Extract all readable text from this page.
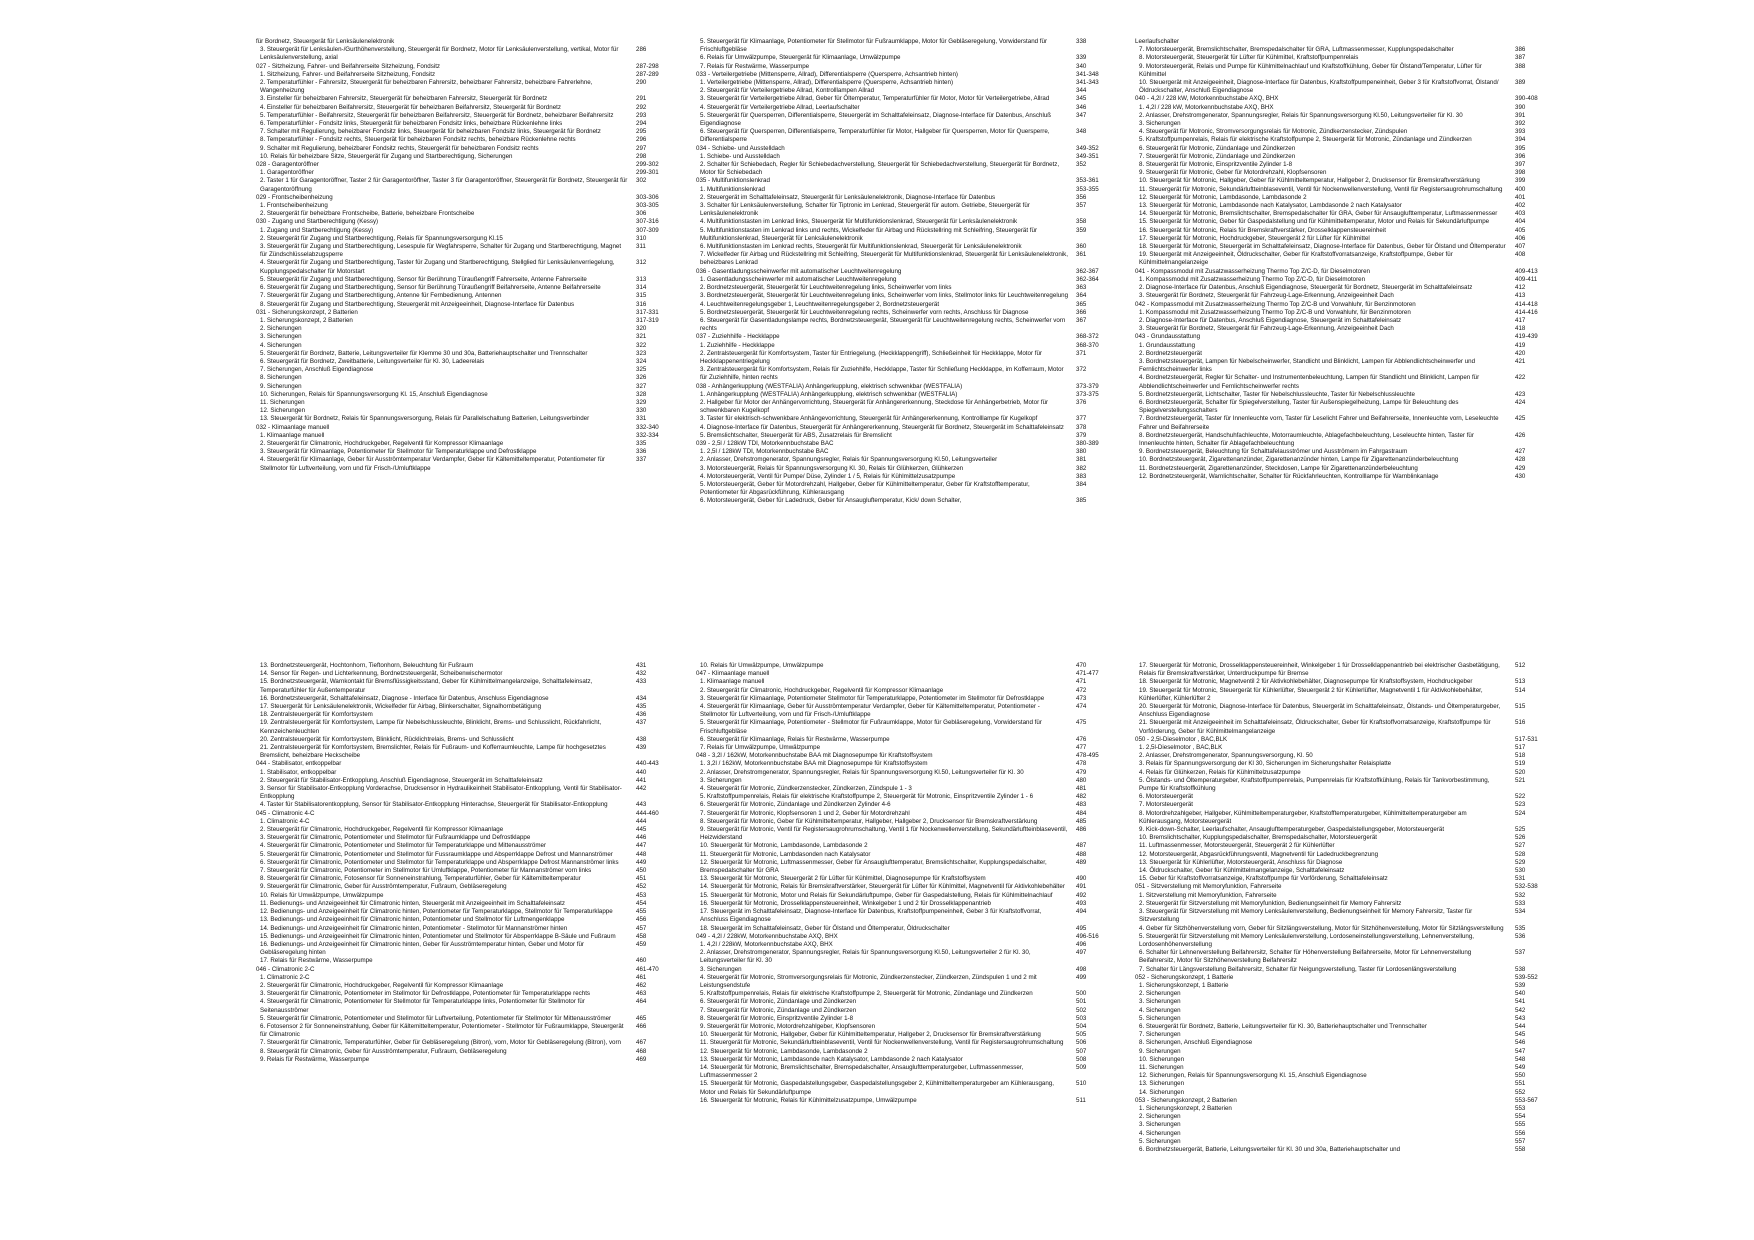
für Bordnetz, Steuergerät für Lenksäulenelektronik
3. Steuergerät für Lenksäulen-/Gurthöhenverstellung, Steuergerät für Bordnetz, Motor für Lenksäulenverstellung, vertikal, Motor für Lenksäulenverstellung, axial
286
027 - Sitzheizung, Fahrer- und Beifahrerseite Sitzheizung, Fondsitz	287-298
1. Sitzheizung, Fahrer- und Beifahrerseite Sitzheizung, Fondsitz	287-289
2. Temperaturfühler - Fahrersitz, Steuergerät für beheizbaren Fahrersitz, beheizbarer Fahrersitz, beheizbare Fahrerlehne, Wangenheizung
290
3. Einsteller für beheizbaren Fahrersitz, Steuergerät für beheizbaren Fahrersitz, Steuergerät für Bordnetz	291
4. Einsteller für beheizbaren Beifahrersitz, Steuergerät für beheizbaren Beifahrersitz, Steuergerät für Bordnetz	292
5. Temperaturfühler - Beifahrersitz, Steuergerät für beheizbaren Beifahrersitz, Steuergerät für Bordnetz, beheizbarer Beifahrersitz	293
6. Temperaturfühler - Fondsitz links, Steuergerät für beheizbaren Fondsitz links, beheizbare Rückenlehne links	294
7. Schalter mit Regulierung, beheizbarer Fondsitz links, Steuergerät für beheizbaren Fondsitz links, Steuergerät für Bordnetz	295
8. Temperaturfühler - Fondsitz rechts, Steuergerät für beheizbaren Fondsitz rechts, beheizbare Rückenlehne rechts	296
9. Schalter mit Regulierung, beheizbarer Fondsitz rechts, Steuergerät für beheizbaren Fondsitz rechts	297
10. Relais für beheizbare Sitze, Steuergerät für Zugang und Startberechtigung, Sicherungen	298
028 - Garagentoröffner	299-302
1. Garagentoröffner	299-301
2. Taster 1 für Garagentoröffner, Taster 2 für Garagentoröffner, Taster 3 für Garagentoröffner, Steuergerät für Bordnetz, Steuergerät für Garagentoröffnung
302
029 - Frontscheibenheizung	303-306
1. Frontscheibenheizung	303-305
2. Steuergerät für beheizbare Frontscheibe, Batterie, beheizbare Frontscheibe	306
030 - Zugang und Startberechtigung (Kessy)	307-316
1. Zugang und Startberechtigung (Kessy)	307-309
2. Steuergerät für Zugang und Startberechtigung, Relais für Spannungsversorgung Kl.15	310
3. Steuergerät für Zugang und Startberechtigung, Lesespule für Wegfahrsperre, Schalter für Zugang und Startberechtigung, Magnet für Zündschlüsselabzugsperre
311
4. Steuergerät für Zugang und Startberechtigung, Taster für Zugang und Startberechtigung, Stellglied für Lenksäulenverriegelung, Kupplungspedalschalter für Motorstart
312
5. Steuergerät für Zugang und Startberechtigung, Sensor für Berührung Türaußengriff Fahrerseite, Antenne Fahrerseite	313
6. Steuergerät für Zugang und Startberechtigung, Sensor für Berührung Türaußengriff Beifahrerseite, Antenne Beifahrerseite	314
7. Steuergerät für Zugang und Startberechtigung, Antenne für Fernbedienung, Antennen	315
8. Steuergerät für Zugang und Startberechtigung, Steuergerät mit Anzeigeeinheit, Diagnose-Interface für Datenbus	316
031 - Sicherungskonzept, 2 Batterien	317-331
1. Sicherungskonzept, 2 Batterien	317-319
2. Sicherungen	320
3. Sicherungen	321
4. Sicherungen	322
5. Steuergerät für Bordnetz, Batterie, Leitungsverteiler für Klemme 30 und 30a, Batteriehauptschalter und Trennschalter	323
6. Steuergerät für Bordnetz, Zweitbatterie, Leitungsverteiler für Kl. 30, Ladeerelais	324
7. Sicherungen, Anschluß Eigendiagnose	325
8. Sicherungen	326
9. Sicherungen	327
10. Sicherungen, Relais für Spannungsversorgung Kl. 15, Anschluß Eigendiagnose	328
11. Sicherungen	329
12. Sicherungen	330
13. Steuergerät für Bordnetz, Relais für Spannungsversorgung, Relais für Parallelschaltung Batterien, Leitungsverbinder	331
032 - Klimaanlage manuell	332-340
1. Klimaanlage manuell	332-334
2. Steuergerät für Climatronic, Hochdruckgeber, Regelventil für Kompressor Klimaanlage	335
3. Steuergerät für Klimaanlage, Potentiometer für Stellmotor für Temperaturklappe und Defrostklappe	336
4. Steuergerät für Klimaanlage, Geber für Ausströmtemperatur Verdampfer, Geber für Kältemitteltemperatur, Potentiometer für Stellmotor für Luftverteilung, vorn und für Frisch-/Umluftklappe
337
5. Steuergerät für Klimaanlage, Potentiometer für Stellmotor für Fußraumklappe, Motor für Gebläseregelung, Vorwiderstand für Frischluftgebläse
338
6. Relais für Umwälzpumpe, Steuergerät für Klimaanlage, Umwälzpumpe	339
7. Relais für Restwärme, Wasserpumpe	340
033 - Verteilergetriebe (Mittensperre, Allrad), Differentialsperre (Quersperre, Achsantrieb hinten)	341-348
1. Verteilergetriebe (Mittensperre, Allrad), Differentialsperre (Quersperre, Achsantrieb hinten)	341-343
2. Steuergerät für Verteilergetriebe Allrad, Kontrolllampen Allrad	344
3. Steuergerät für Verteilergetriebe Allrad, Geber für Öltemperatur, Temperaturfühler für Motor, Motor für Verteilergetriebe, Allrad	345
4. Steuergerät für Verteilergetriebe Allrad, Leerlaufschalter	346
5. Steuergerät für Quersperren, Differentialsperre, Steuergerät im Schalttafeleinsatz, Diagnose-Interface für Datenbus, Anschluß Eigendiagnose
347
6. Steuergerät für Quersperren, Differentialsperre, Temperaturfühler für Motor, Hallgeber für Quersperren, Motor für Quersperre, Differentialsperre
348
034 - Schiebe- und Ausstelldach	349-352
1. Schiebe- und Ausstelldach	349-351
2. Schalter für Schiebedach, Regler für Schiebedachverstellung, Steuergerät für Schiebedachverstellung, Steuergerät für Bordnetz, Motor für Schiebedach
352
035 - Multifunktionslenkrad	353-361
1. Multifunktionslenkrad	353-355
2. Steuergerät im Schalttafeleinsatz, Steuergerät für Lenksäulenelektronik, Diagnose-Interface für Datenbus	356
3. Schalter für Lenksäulenverstellung, Schalter für Tiptronic im Lenkrad, Steuergerät für autom. Getriebe, Steuergerät für Lenksäulenelektronik
357
4. Multifunktionstasten im Lenkrad links, Steuergerät für Multifunktionslenkrad, Steuergerät für Lenksäulenelektronik	358
5. Multifunktionstasten im Lenkrad links und rechts, Wickelfeder für Airbag und Rückstellring mit Schleifring, Steuergerät für Multifunktionslenkrad, Steuergerät für Lenksäulenelektronik
359
6. Multifunktionstasten im Lenkrad rechts, Steuergerät für Multifunktionslenkrad, Steuergerät für Lenksäulenelektronik	360
7. Wickelfeder für Airbag und Rückstellring mit Schleifring, Steuergerät für Multifunktionslenkrad, Steuergerät für Lenksäulenelektronik, beheizbares Lenkrad
361
036 - Gasentladungsscheinwerfer mit automatischer Leuchtweitenregelung	362-367
1. Gasentladungsscheinwerfer mit automatischer Leuchtweitenregelung	362-364
2. Bordnetzsteuergerät, Steuergerät für Leuchtweitenregelung links, Scheinwerfer vorn links	363
3. Bordnetzsteuergerät, Steuergerät für Leuchtweitenregelung links, Scheinwerfer vorn links, Stellmotor links für Leuchtweitenregelung 364
4. Leuchtweitenregelungsgeber 1, Leuchtweitenregelungsgeber 2, Bordnetzsteuergerät	365
5. Bordnetzsteuergerät, Steuergerät für Leuchtweitenregelung rechts, Scheinwerfer vorn rechts, Anschluss für Diagnose	366
6. Steuergerät für Gasentladungslampe rechts, Bordnetzsteuergerät, Steuergerät für Leuchtweitenregelung rechts, Scheinwerfer vorn rechts
367
037 - Zuziehhilfe - Heckklappe	368-372
1. Zuziehhilfe - Heckklappe	368-370
2. Zentralsteuergerät für Komfortsystem, Taster für Entriegelung, (Heckklappengriff), Schließeinheit für Heckklappe, Motor für Heckklappenentriegelung
371
3. Zentralsteuergerät für Komfortsystem, Relais für Zuziehhilfe, Heckklappe, Taster für Schließung Heckklappe, im Kofferraum, Motor für Zuziehhilfe, hinten rechts
372
038 - Anhängerkupplung (WESTFALIA) Anhängerkupplung, elektrisch schwenkbar (WESTFALIA)	373-379
1. Anhängerkupplung (WESTFALIA) Anhängerkupplung, elektrisch schwenkbar (WESTFALIA)	373-375
2. Hallgeber für Motor der Anhängervorrichtung, Steuergerät für Anhängererkennung, Steckdose für Anhängerbetrieb, Motor für schwenkbaren Kugelkopf
376
3. Taster für elektrisch-schwenkbare Anhängevorrichtung, Steuergerät für Anhängererkennung, Kontrolllampe für Kugelkopf	377
4. Diagnose-Interface für Datenbus, Steuergerät für Anhängererkennung, Steuergerät für Bordnetz, Steuergerät im Schalttafeleinsatz	378
5. Bremslichtschalter, Steuergerät für ABS, Zusatzrelais für Bremslicht	379
039 - 2,5l / 128kW TDI, Motorkennbuchstabe BAC	380-389
1. 2,5l / 128kW TDI, Motorkennbuchstabe BAC	380
2. Anlasser, Drehstromgenerator, Spannungsregler, Relais für Spannungsversorgung Kl.50, Leitungsverteiler	381
3. Motorsteuergerät, Relais für Spannungsversorgung Kl. 30, Relais für Glühkerzen, Glühkerzen	382
4. Motorsteuergerät, Ventil für Pumpe/ Düse, Zylinder 1 / 5, Relais für Kühlmittelzusatzpumpe	383
5. Motorsteuergerät, Geber für Motordrehzahl, Hallgeber, Geber für Kühlmitteltemperatur, Geber für Kraftstofftemperatur, Potentiometer für Abgasrückführung, Kühlerausgang
384
6. Motorsteuergerät, Geber für Ladedruck, Geber für Ansaugluftemperatur, Kick/ down Schalter,	385
Leerlaufschalter
7. Motorsteuergerät, Bremslichtschalter, Bremspedalschalter für GRA, Luftmassenmesser, Kupplungspedalschalter	386
8. Motorsteuergerät, Steuergerät für Lüfter für Kühlmittel, Kraftstoffpumpenrelais	387
9. Motorsteuergerät, Relais und Pumpe für Kühlmittelnachlauf und Kraftstoffkühlung, Geber für Ölstand/Temperatur, Lüfter für Kühlmittel
388
10. Steuergerät mit Anzeigeeinheit, Diagnose-Interface für Datenbus, Kraftstoffpumpeneinheit, Geber 3 für Kraftstoffvorrat, Ölstand/Öldruckschalter, Anschluß Eigendiagnose
389
040 - 4,2l / 228 kW, Motorkennbuchstabe AXQ, BHX	390-408
1. 4,2l / 228 kW, Motorkennbuchstabe AXQ, BHX	390
2. Anlasser, Drehstromgenerator, Spannungsregler, Relais für Spannungsversorgung Kl.50, Leitungsverteiler für Kl. 30	391
3. Sicherungen	392
4. Steuergerät für Motronic, Stromversorgungsrelais für Motronic, Zündkerzenstecker, Zündspulen	393
5. Kraftstoffpumpenrelais, Relais für elektrische Kraftstoffpumpe 2, Steuergerät für Motronic, Zündanlage und Zündkerzen	394
6. Steuergerät für Motronic, Zündanlage und Zündkerzen	395
7. Steuergerät für Motronic, Zündanlage und Zündkerzen	396
8. Steuergerät für Motronic, Einspritzventile Zylinder 1-8	397
9. Steuergerät für Motronic, Geber für Motordrehzahl, Klopfsensoren	398
10. Steuergerät für Motronic, Hallgeber, Geber für Kühlmitteltemperatur, Hallgeber 2, Drucksensor für Bremskraftverstärkung	399
11. Steuergerät für Motronic, Sekundärluftteinblaseventil, Ventil für Nockenwellenverstellung, Ventil für Registersaugrohrumschaltung	400
12. Steuergerät für Motronic, Lambdasonde, Lambdasonde 2	401
13. Steuergerät für Motronic, Lambdasonde nach Katalysator, Lambdasonde 2 nach Katalysator	402
14. Steuergerät für Motronic, Bremslichtschalter, Bremspedalschalter für GRA, Geber für Ansauglufttemperatur, Luftmassenmesser	403
15. Steuergerät für Motronic, Geber für Gaspedalstellung und für Kühlmitteltemperatur, Motor und Relais für Sekundärluftpumpe	404
16. Steuergerät für Motronic, Relais für Bremskraftverstärker, Drosselklappensteuereinheit	405
17. Steuergerät für Motronic, Hochdruckgeber, Steuergerät 2 für Lüfter für Kühlmittel	406
18. Steuergerät für Motronic, Steuergerät im Schalttafeleinsatz, Diagnose-Interface für Datenbus, Geber für Ölstand und Öltemperatur 407
19. Steuergerät mit Anzeigeeinheit, Öldruckschalter, Geber für Kraftstoffvorratsanzeige, Kraftstoffpumpe, Geber für Kühlmittelmangelanzeige
408
041 - Kompassmodul mit Zusatzwasserheizung Thermo Top Z/C-D, für Dieselmotoren	409-413
1. Kompassmodul mit Zusatzwasserheizung Thermo Top Z/C-D, für Dieselmotoren	409-411
2. Diagnose-Interface für Datenbus, Anschluß Eigendiagnose, Steuergerät für Bordnetz, Steuergerät im Schalttafeleinsatz	412
3. Steuergerät für Bordnetz, Steuergerät für Fahrzeug-Lage-Erkennung, Anzeigeeinheit Dach	413
042 - Kompassmodul mit Zusatzwasserheizung Thermo Top Z/C-B und Vorwahluhr, für Benzinmotoren	414-418
1. Kompassmodul mit Zusatzwasserheizung Thermo Top Z/C-B und Vorwahluhr, für Benzinmotoren	414-416
2. Diagnose-Interface für Datenbus, Anschluß Eigendiagnose, Steuergerät im Schalttafeleinsatz	417
3. Steuergerät für Bordnetz, Steuergerät für Fahrzeug-Lage-Erkennung, Anzeigeeinheit Dach	418
043 - Grundausstattung	419-439
1. Grundausstattung	419
2. Bordnetzsteuergerät	420
3. Bordnetzsteuergerät, Lampen für Nebelscheinwerfer, Standlicht und Blinklicht, Lampen für Abblendlichtscheinwerfer und Fernlichtscheinwerfer links
421
4. Bordnetzsteuergerät, Regler für Schalter- und Instrumentenbeleuchtung, Lampen für Standlicht und Blinklicht, Lampen für Abblendlichtscheinwerfer und Fernlichtscheinwerfer rechts
422
5. Bordnetzsteuergerät, Lichtschalter, Taster für Nebelschlussleuchte, Taster für Nebelschlussleuchte	423
6. Bordnetzsteuergerät, Schalter für Spiegelverstellung, Taster für Außenspiegelheizung, Lampe für Beleuchtung des Spiegelverstellungsschalters
424
7. Bordnetzsteuergerät, Taster für Innenleuchte vorn, Taster für Leselicht Fahrer und Beifahrerseite, Innenleuchte vorn, Leseleuchte Fahrer und Beifahrerseite
425
8. Bordnetzsteuergerät, Handschuhfachleuchte, Motorraumleuchte, Ablagefachbeleuchtung, Leseleuchte hinten, Taster für Innenleuchte hinten, Schalter für Ablagefachbeleuchtung
426
9. Bordnetzsteuergerät, Beleuchtung für Schalttafelausströmer und Ausströmern im Fahrgastraum	427
10. Bordnetzsteuergerät, Zigarettenanzünder, Zigarettenanzünder hinten, Lampe für Zigarettenanzünderbeleuchtung	428
11. Bordnetzsteuergerät, Zigarettenanzünder, Steckdosen, Lampe für Zigarettenanzünderbeleuchtung	429
12. Bordnetzsteuergerät, Warnlichtschalter, Schalter für Rückfahrleuchten, Kontrolllampe für Warnblinkanlage	430
13. Bordnetzsteuergerät, Hochtonhorn, Tieftonhorn, Beleuchtung für Fußraum	431
14. Sensor für Regen- und Lichterkennung, Bordnetzsteuergerät, Scheibenwischermotor	432
15. Bordnetzsteuergerät, Warnkontakt für Bremsflüssigkeitsstand, Geber für Kühlmittelmangelanzeige, Schalttafeleinsatz, Temperaturfühler für Außentemperatur
433
16. Bordnetzsteuergerät, Schalttafeleinsatz, Diagnose - Interface für Datenbus, Anschluss Eigendiagnose	434
17. Steuergerät für Lenksäulenelektronik, Wickelfeder für Airbag, Blinkerschalter, Signalhornbetätigung	435
18. Zentralsteuergerät für Komfortsystem	436
19. Zentralsteuergerät für Komfortsystem, Lampe für Nebelschlussleuchte, Blinklicht, Brems- und Schlusslicht, Rückfahrlicht, Kennzeichenleuchten
437
20. Zentralsteuergerät für Komfortsystem, Blinklicht, Rücklichtrelais, Brems- und Schlusslicht	438
21. Zentralsteuergerät für Komfortsystem, Bremslichter, Relais für Fußraum- und Kofferraumleuchte, Lampe für hochgesetztes Bremslicht, beheizbare Heckscheibe
439
044 - Stabilisator, entkoppelbar	440-443
1. Stabilisator, entkoppelbar	440
2. Steuergerät für Stabilisator-Entkopplung, Anschluß Eigendiagnose, Steuergerät im Schalttafeleinsatz	441
3. Sensor für Stabilisator-Entkopplung Vorderachse, Drucksensor in Hydraulikeinheit Stabilisator-Entkopplung, Ventil für Stabilisator-Entkopplung
442
4. Taster für Stabilisatorentkopplung, Sensor für Stabilisator-Entkopplung Hinterachse, Steuergerät für Stabilisator-Entkopplung	443
045 - Climatronic 4-C	444-460
1. Climatronic 4-C	444
2. Steuergerät für Climatronic, Hochdruckgeber, Regelventil für Kompressor Klimaanlage	445
3. Steuergerät für Climatronic, Potentiometer und Stellmotor für Fußraumklappe und Defrostklappe	446
4. Steuergerät für Climatronic, Potentiometer und Stellmotor für Temperaturklappe und Mittenausströmer	447
5. Steuergerät für Climatronic, Potentiometer und Stellmotor für Fussraumklappe und Absperrklappe Defrost und Mannanströmer	448
6. Steuergerät für Climatronic, Potentiometer und Stellmotor für Temperaturklappe und Absperrklappe Defrost Mannanströmer links	449
7. Steuergerät für Climatronic, Potentiometer im Stellmotor für Umluftklappe, Potentiometer für Mannanströmer vorn links	450
8. Steuergerät für Climatronic, Fotosensor für Sonneneinstrahlung, Temperaturfühler, Geber für Kältemitteltemperatur	451
9. Steuergerät für Climatronic, Geber für Ausströmtemperatur, Fußraum, Gebläseregelung	452
10. Relais für Umwälzpumpe, Umwälzpumpe	453
11. Bedienungs- und Anzeigeeinheit für Climatronic hinten, Steuergerät mit Anzeigeeinheit im Schalttafeleinsatz	454
12. Bedienungs- und Anzeigeeinheit für Climatronic hinten, Potentiometer für Temperaturklappe, Stellmotor für Temperaturklappe	455
13. Bedienungs- und Anzeigeeinheit für Climatronic hinten, Potentiometer und Stellmotor für Luftmengenklappe	456
14. Bedienungs- und Anzeigeeinheit für Climatronic hinten, Potentiometer - Stellmotor für Mannanströmer hinten	457
15. Bedienungs- und Anzeigeeinheit für Climatronic hinten, Potentiometer und Stellmotor für Absperrklappe B-Säule und Fußraum	458
16. Bedienungs- und Anzeigeeinheit für Climatronic hinten, Geber für Ausströmtemperatur hinten, Geber und Motor für Gebläseregelung hinten
459
17. Relais für Restwärme, Wasserpumpe	460
046 - Climatronic 2-C	461-470
1. Climatronic 2-C	461
2. Steuergerät für Climatronic, Hochdruckgeber, Regelventil für Kompressor Klimaanlage	462
3. Steuergerät für Climatronic, Potentiometer im Stellmotor für Defrostklappe, Potentiometer für Temperaturklappe rechts	463
4. Steuergerät für Climatronic, Potentiometer für Stellmotor für Temperaturklappe links, Potentiometer für Stellmotor für Seitenausströmer
464
5. Steuergerät für Climatronic, Potentiometer und Stellmotor für Luftverteilung, Potentiometer für Stellmotor für Mittenausströmer	465
6. Fotosensor 2 für Sonneneinstrahlung, Geber für Kältemitteltemperatur, Potentiometer - Stellmotor für Fußraumklappe, Steuergerät für Climatronic
466
7. Steuergerät für Climatronic, Temperaturfühler, Geber für Gebläseregelung (Bitron), vorn, Motor für Gebläseregelung (Bitron), vorn	467
8. Steuergerät für Climatronic, Geber für Ausströmtemperatur, Fußraum, Gebläseregelung	468
9. Relais für Restwärme, Wasserpumpe	469
10. Relais für Umwälzpumpe, Umwälzpumpe	470
047 - Klimaanlage manuell	471-477
1. Klimaanlage manuell	471
2. Steuergerät für Climatronic, Hochdruckgeber, Regelventil für Kompressor Klimaanlage	472
3. Steuergerät für Klimaanlage, Potentiometer Stellmotor für Temperaturklappe, Potentiometer im Stellmotor für Defrostklappe	473
4. Steuergerät für Klimaanlage, Geber für Ausströmtemperatur Verdampfer, Geber für Kältemitteltemperatur, Potentiometer - Stellmotor für Luftverteilung, vorn und für Frisch-/Umluftklappe
474
5. Steuergerät für Klimaanlage, Potentiometer - Stellmotor für Fußraumklappe, Motor für Gebläseregelung, Vorwiderstand für Frischluftgebläse
475
6. Steuergerät für Klimaanlage, Relais für Restwärme, Wasserpumpe	476
7. Relais für Umwälzpumpe, Umwälzpumpe	477
048 - 3,2l / 162kW, Motorkennbuchstabe BAA mit Diagnosepumpe für Kraftstoffsystem	478-495
1. 3,2l / 162kW, Motorkennbuchstabe BAA mit Diagnosepumpe für Kraftstoffsystem	478
2. Anlasser, Drehstromgenerator, Spannungsregler, Relais für Spannungsversorgung Kl.50, Leitungsverteiler für Kl. 30	479
3. Sicherungen	480
4. Steuergerät für Motronic, Zündkerzenstecker, Zündkerzen, Zündspule 1 - 3	481
5. Kraftstoffpumpenrelais, Relais für elektrische Kraftstoffpumpe 2, Steuergerät für Motronic, Einspritzventile Zylinder 1 - 6	482
6. Steuergerät für Motronic, Zündanlage und Zündkerzen Zylinder 4-6	483
7. Steuergerät für Motronic, Klopfsensoren 1 und 2, Geber für Motordrehzahl	484
8. Steuergerät für Motronic, Geber für Kühlmitteltemperatur, Hallgeber, Hallgeber 2, Drucksensor für Bremskraftverstärkung	485
9. Steuergerät für Motronic, Ventil für Registersaugrohrumschaltung, Ventil 1 für Nockenwellenverstellung, Sekundärluftteinblaseventil, Heizwiderstand
486
10. Steuergerät für Motronic, Lambdasonde, Lambdasonde 2	487
11. Steuergerät für Motronic, Lambdasonden nach Katalysator	488
12. Steuergerät für Motronic, Luftmassenmesser, Geber für Ansauglufttemperatur, Bremslichtschalter, Kupplungspedalschalter, Bremspedalschalter für GRA
489
13. Steuergerät für Motronic, Steuergerät 2 für Lüfter für Kühlmittel, Diagnosepumpe für Kraftstoffsystem	490
14. Steuergerät für Motronic, Relais für Bremskraftverstärker, Steuergerät für Lüfter für Kühlmittel, Magnetventil für Aktivkohlebehälter	491
15. Steuergerät für Motronic, Motor und Relais für Sekundärluftpumpe, Geber für Gaspedalstellung, Relais für Kühlmittelnachlauf	492
16. Steuergerät für Motronic, Drosselklappensteuereinheit, Winkelgeber 1 und 2 für Drosselklappenantrieb	493
17. Steuergerät im Schalttafeleinsatz, Diagnose-Interface für Datenbus, Kraftstoffpumpeneinheit, Geber 3 für Kraftstoffvorrat, Anschluss Eigendiagnose
494
18. Steuergerät im Schalttafeleinsatz, Geber für Ölstand und Öltemperatur, Öldruckschalter	495
049 - 4,2l / 228kW, Motorkennbuchstabe AXQ, BHX	496-516
1. 4,2l / 228kW, Motorkennbuchstabe AXQ, BHX	496
2. Anlasser, Drehstromgenerator, Spannungsregler, Relais für Spannungsversorgung Kl.50, Leitungsverteiler 2 für Kl. 30, Leitungsverteiler für Kl. 30
497
3. Sicherungen	498
4. Steuergerät für Motronic, Stromversorgungsrelais für Motronic, Zündkerzenstecker, Zündkerzen, Zündspulen 1 und 2 mit Leistungsendstufe
499
5. Kraftstoffpumpenrelais, Relais für elektrische Kraftstoffpumpe 2, Steuergerät für Motronic, Zündanlage und Zündkerzen	500
6. Steuergerät für Motronic, Zündanlage und Zündkerzen	501
7. Steuergerät für Motronic, Zündanlage und Zündkerzen	502
8. Steuergerät für Motronic, Einspritzventile Zylinder 1-8	503
9. Steuergerät für Motronic, Motordrehzahlgeber, Klopfsensoren	504
10. Steuergerät für Motronic, Hallgeber, Geber für Kühlmitteltemperatur, Hallgeber 2, Drucksensor für Bremskraftverstärkung	505
11. Steuergerät für Motronic, Sekundärluftteinblaseventil, Ventil für Nockenwellenverstellung, Ventil für Registersaugrohrumschaltung	506
12. Steuergerät für Motronic, Lambdasonde, Lambdasonde 2	507
13. Steuergerät für Motronic, Lambdasonde nach Katalysator, Lambdasonde 2 nach Katalysator	508
14. Steuergerät für Motronic, Bremslichtschalter, Bremspedalschalter, Ansauglufttemperaturgeber, Luftmassenmesser, Luftmassenmesser 2
509
15. Steuergerät für Motronic, Gaspedalstellungsgeber, Gaspedalstellungsgeber 2, Kühlmitteltemperaturgeber am Kühlerausgang, Motor und Relais für Sekundärluftpumpe
510
16. Steuergerät für Motronic, Relais für Kühlmittelzusatzpumpe, Umwälzpumpe	511
17. Steuergerät für Motronic, Drosselklappensteuereinheit, Winkelgeber 1 für Drosselklappenantrieb bei elektrischer Gasbetätigung, Relais für Bremskraftverstärker, Unterdruckpumpe für Bremse
512
18. Steuergerät für Motronic, Magnetventil 2 für Aktivkohlebehälter, Diagnosepumpe für Kraftstoffsystem, Hochdruckgeber	513
19. Steuergerät für Motronic, Steuergerät für Kühlerlüfter, Steuergerät 2 für Kühlerlüfter, Magnetventil 1 für Aktivkohlebehälter, Kühlerlüfter, Kühlerlüfter 2
514
20. Steuergerät für Motronic, Diagnose-Interface für Datenbus, Steuergerät im Schalttafeleinsatz, Ölstands- und Öltemperaturgeber, Anschluss Eigendiagnose
515
21. Steuergerät mit Anzeigeeinheit im Schalttafeleinsatz, Öldruckschalter, Geber für Kraftstoffvorratsanzeige, Kraftstoffpumpe für Vorförderung, Geber für Kühlmittelmangelanzeige
516
050 - 2,5l-Dieselmotor , BAC,BLK	517-531
1. 2,5l-Dieselmotor , BAC,BLK	517
2. Anlasser, Drehstromgenerator, Spannungsversorgung, Kl. 50	518
3. Relais für Spannungsversorgung der Kl 30, Sicherungen im Sicherungshalter Relaisplatte	519
4. Relais für Glühkerzen, Relais für Kühlmittelzusatzpumpe	520
5. Ölstands- und Öltemperaturgeber, Kraftstoffpumpenrelais, Pumpenrelais für Kraftstoffkühlung, Relais für Tankvorbestimmung, Pumpe für Kraftstoffkühlung
521
6. Motorsteuergerät	522
7. Motorsteuergerät	523
8. Motordrehzahlgeber, Hallgeber, Kühlmitteltemperaturgeber, Kraftstofftemperaturgeber, Kühlmitteltemperaturgeber am Kühlerausgang, Motorsteuergerät
524
9. Kick-down-Schalter, Leerlaufschalter, Ansauglufttemperaturgeber, Gaspedalstellungsgeber, Motorsteuergerät	525
10. Bremslichtschalter, Kupplungspedalschalter, Bremspedalschalter, Motorsteuergerät	526
11. Luftmassenmesser, Motorsteuergerät, Steuergerät 2 für Kühlerlüfter	527
12. Motorsteuergerät, Abgasrückführungsventil, Magnetventil für Ladedruckbegrenzung	528
13. Steuergerät für Kühlerlüfter, Motorsteuergerät, Anschluss für Diagnose	529
14. Öldruckschalter, Geber für Kühlmittelmangelanzeige, Schalttafeleinsatz	530
15. Geber für Kraftstoffvorratsanzeige, Kraftstoffpumpe für Vorförderung, Schalttafeleinsatz	531
051 - Sitzverstellung mit Memoryfunktion, Fahrerseite	532-538
1. Sitzverstellung mit Memoryfunktion, Fahrerseite	532
2. Steuergerät für Sitzverstellung mit Memoryfunktion, Bedienungseinheit für Memory Fahrersitz	533
3. Steuergerät für Sitzverstellung mit Memory Lenksäulenverstellung, Bedienungseinheit für Memory Fahrersitz, Taster für Sitzverstellung
534
4. Geber für Sitzhöhenverstellung vorn, Geber für Sitzlängsverstellung, Motor für Sitzhöhenverstellung, Motor für Sitzlängsverstellung	535
5. Steuergerät für Sitzverstellung mit Memory Lenksäulenverstellung, Lordoseneinstellungsverstellung, Lehnenverstellung, Lordosenhöhenverstellung
536
6. Schalter für Lehnenverstellung Beifahrersitz, Schalter für Höhenverstellung Beifahrerseite, Motor für Lehnenverstellung Beifahrersitz, Motor für Sitzhöhenverstellung Beifahrersitz
537
7. Schalter für Längsverstellung Beifahrersitz, Schalter für Neigungsverstellung, Taster für Lordosenlängsverstellung	538
052 - Sicherungskonzept, 1 Batterie	539-552
1. Sicherungskonzept, 1 Batterie	539
2. Sicherungen	540
3. Sicherungen	541
4. Sicherungen	542
5. Sicherungen	543
6. Steuergerät für Bordnetz, Batterie, Leitungsverteiler für Kl. 30, Batteriehauptschalter und Trennschalter	544
7. Sicherungen	545
8. Sicherungen, Anschluß Eigendiagnose	546
9. Sicherungen	547
10. Sicherungen	548
11. Sicherungen	549
12. Sicherungen, Relais für Spannungsversorgung Kl. 15, Anschluß Eigendiagnose	550
13. Sicherungen	551
14. Sicherungen	552
053 - Sicherungskonzept, 2 Batterien	553-567
1. Sicherungskonzept, 2 Batterien	553
2. Sicherungen	554
3. Sicherungen	555
4. Sicherungen	556
5. Sicherungen	557
6. Bordnetzsteuergerät, Batterie, Leitungsverteiler für Kl. 30 und 30a, Batteriehauptschalter und	558
